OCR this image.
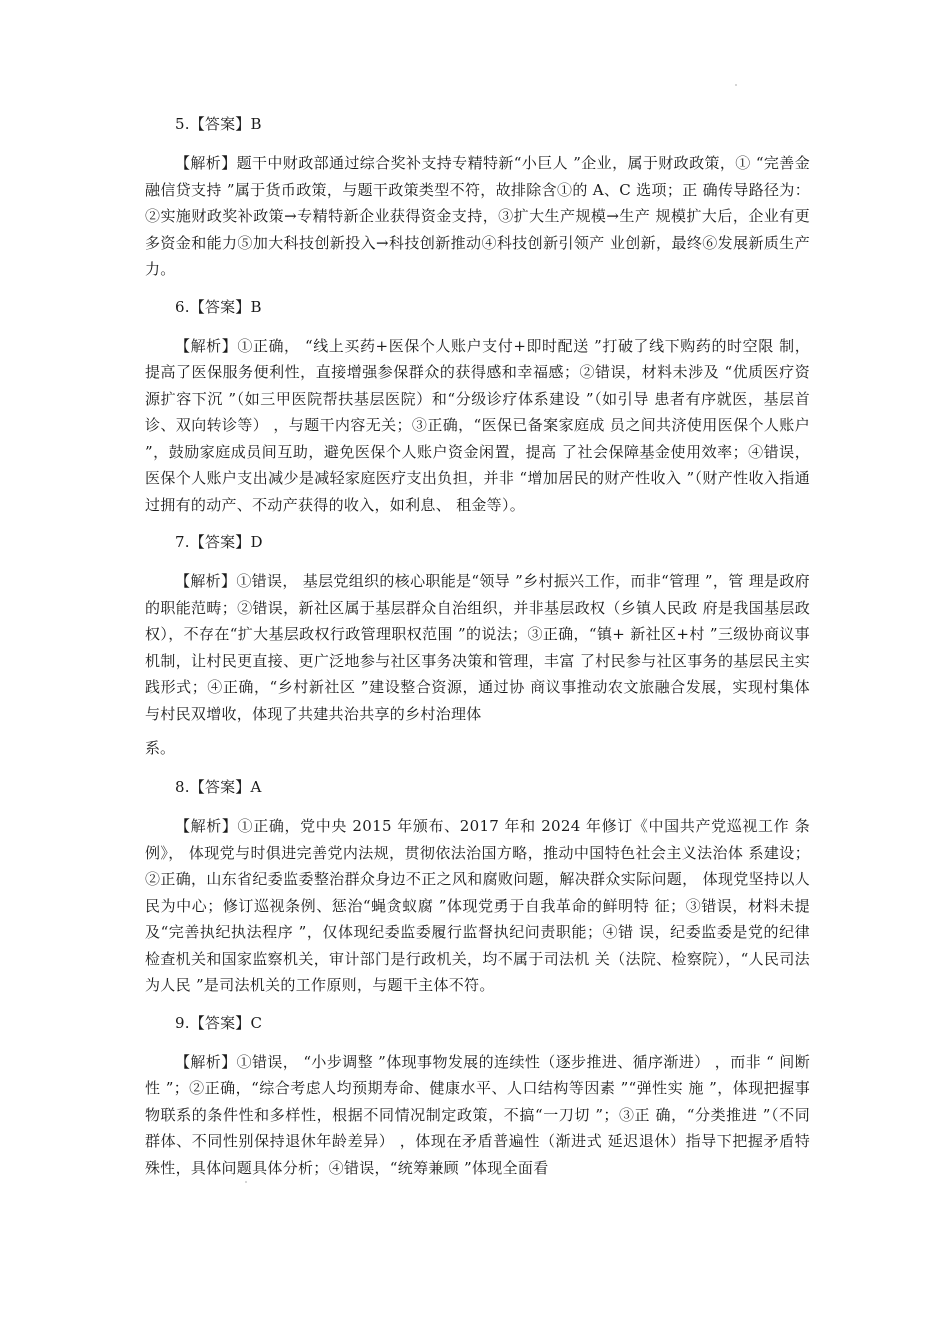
5.【答案】B

【解析】题干中财政部通过综合奖补支持专精特新“小巨人 ”企业，属于财政政策，① “完善金融信贷支持 ”属于货币政策，与题干政策类型不符，故排除含①的 A、C 选项；正 确传导路径为：②实施财政奖补政策→专精特新企业获得资金支持，③扩大生产规模→生产 规模扩大后，企业有更多资金和能力⑤加大科技创新投入→科技创新推动④科技创新引领产 业创新，最终⑥发展新质生产力。

6.【答案】B

【解析】①正确， “线上买药+医保个人账户支付+即时配送 ”打破了线下购药的时空限 制，提高了医保服务便利性，直接增强参保群众的获得感和幸福感；②错误，材料未涉及 “优质医疗资源扩容下沉 ”（如三甲医院帮扶基层医院）和“分级诊疗体系建设 ”（如引导 患者有序就医，基层首诊、双向转诊等） ，与题干内容无关；③正确，“医保已备案家庭成 员之间共济使用医保个人账户 ”，鼓励家庭成员间互助，避免医保个人账户资金闲置，提高 了社会保障基金使用效率；④错误，医保个人账户支出减少是减轻家庭医疗支出负担，并非 “增加居民的财产性收入 ”（财产性收入指通过拥有的动产、不动产获得的收入，如利息、 租金等）。

7.【答案】D

【解析】①错误， 基层党组织的核心职能是“领导 ”乡村振兴工作，而非“管理 ”，管 理是政府的职能范畴；②错误，新社区属于基层群众自治组织，并非基层政权（乡镇人民政 府是我国基层政权），不存在“扩大基层政权行政管理职权范围 ”的说法；③正确，“镇+ 新社区+村 ”三级协商议事机制，让村民更直接、更广泛地参与社区事务决策和管理，丰富 了村民参与社区事务的基层民主实践形式；④正确，“乡村新社区 ”建设整合资源，通过协 商议事推动农文旅融合发展，实现村集体与村民双增收，体现了共建共治共享的乡村治理体

系。

8.【答案】A

【解析】①正确，党中央 2015 年颁布、2017 年和 2024 年修订《中国共产党巡视工作 条例》， 体现党与时俱进完善党内法规，贯彻依法治国方略，推动中国特色社会主义法治体 系建设；②正确，山东省纪委监委整治群众身边不正之风和腐败问题，解决群众实际问题， 体现党坚持以人民为中心；修订巡视条例、惩治“蝇贪蚁腐 ”体现党勇于自我革命的鲜明特 征；③错误，材料未提及“完善执纪执法程序 ”，仅体现纪委监委履行监督执纪问责职能；④错 误，纪委监委是党的纪律检查机关和国家监察机关，审计部门是行政机关，均不属于司法机 关（法院、检察院），“人民司法为人民 ”是司法机关的工作原则，与题干主体不符。

9.【答案】C

【解析】①错误， “小步调整 ”体现事物发展的连续性（逐步推进、循序渐进） ，而非 “ 间断性 ”；②正确，“综合考虑人均预期寿命、健康水平、人口结构等因素 ”“弹性实 施 ”，体现把握事物联系的条件性和多样性，根据不同情况制定政策，不搞“一刀切 ”；③正 确，“分类推进 ”（不同群体、不同性别保持退休年龄差异） ，体现在矛盾普遍性（渐进式 延迟退休）指导下把握矛盾特殊性，具体问题具体分析；④错误，“统筹兼顾 ”体现全面看
